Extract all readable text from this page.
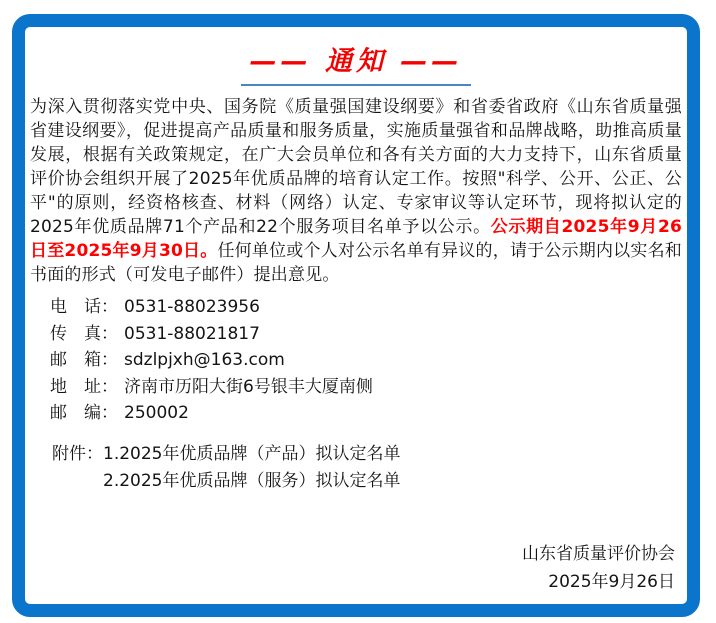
—— 通知 ——
为深入贯彻落实党中央、国务院《质量强国建设纲要》和省委省政府《山东省质量强省建设纲要》，促进提高产品质量和服务质量，实施质量强省和品牌战略，助推高质量发展，根据有关政策规定，在广大会员单位和各有关方面的大力支持下，山东省质量评价协会组织开展了2025年优质品牌的培育认定工作。按照"科学、公开、公正、公平"的原则，经资格核查、材料（网络）认定、专家审议等认定环节，现将拟认定的2025年优质品牌71个产品和22个服务项目名单予以公示。公示期自2025年9月26日至2025年9月30日。任何单位或个人对公示名单有异议的，请于公示期内以实名和书面的形式（可发电子邮件）提出意见。
电　话： 0531-88023956
传　真： 0531-88021817
邮　箱： sdzlpjxh@163.com
地　址： 济南市历阳大街6号银丰大厦南侧
邮　编： 250002
附件： 1.2025年优质品牌（产品）拟认定名单
2.2025年优质品牌（服务）拟认定名单
山东省质量评价协会
2025年9月26日
